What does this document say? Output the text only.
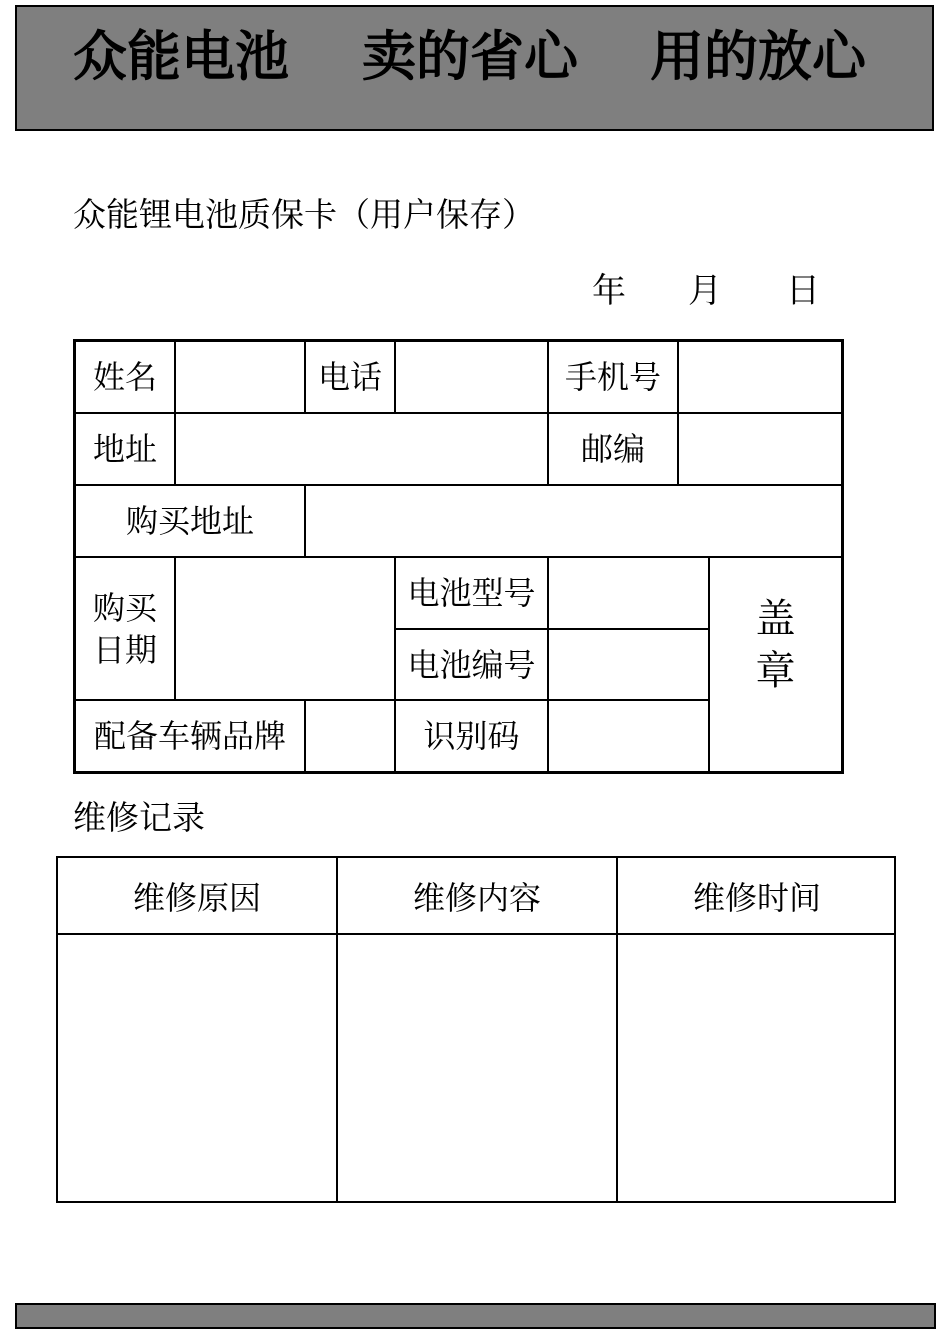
众能电池 卖的省心 用的放心
众能锂电池质保卡（用户保存）
年 月 日
姓名	电话	手机号
地址	邮编
购买地址
购买
日期
电池型号
电池编号
盖
章
配备车辆品牌	识别码
维修记录
维修原因	维修内容	维修时间
